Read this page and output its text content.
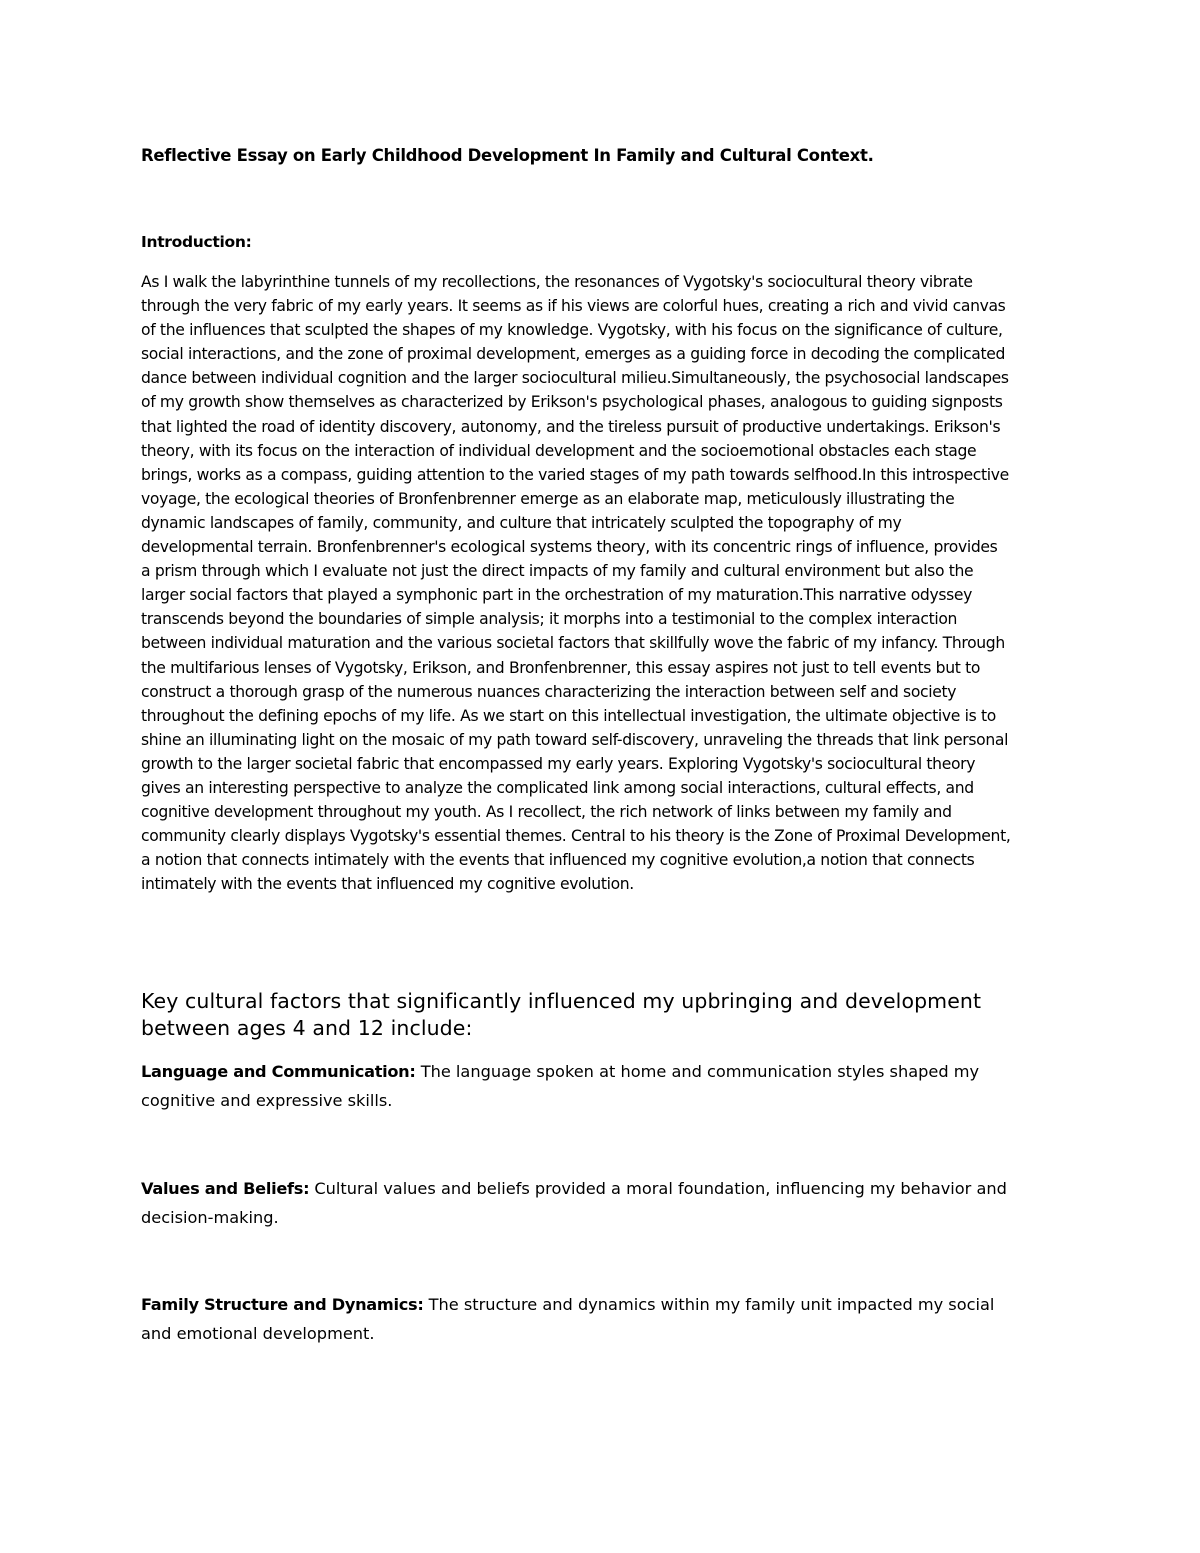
Reflective Essay on Early Childhood Development In Family and Cultural Context.
Introduction:
As I walk the labyrinthine tunnels of my recollections, the resonances of Vygotsky's sociocultural theory vibrate
through the very fabric of my early years. It seems as if his views are colorful hues, creating a rich and vivid canvas
of the influences that sculpted the shapes of my knowledge. Vygotsky, with his focus on the significance of culture,
social interactions, and the zone of proximal development, emerges as a guiding force in decoding the complicated
dance between individual cognition and the larger sociocultural milieu.Simultaneously, the psychosocial landscapes
of my growth show themselves as characterized by Erikson's psychological phases, analogous to guiding signposts
that lighted the road of identity discovery, autonomy, and the tireless pursuit of productive undertakings. Erikson's
theory, with its focus on the interaction of individual development and the socioemotional obstacles each stage
brings, works as a compass, guiding attention to the varied stages of my path towards selfhood.In this introspective
voyage, the ecological theories of Bronfenbrenner emerge as an elaborate map, meticulously illustrating the
dynamic landscapes of family, community, and culture that intricately sculpted the topography of my
developmental terrain. Bronfenbrenner's ecological systems theory, with its concentric rings of influence, provides
a prism through which I evaluate not just the direct impacts of my family and cultural environment but also the
larger social factors that played a symphonic part in the orchestration of my maturation.This narrative odyssey
transcends beyond the boundaries of simple analysis; it morphs into a testimonial to the complex interaction
between individual maturation and the various societal factors that skillfully wove the fabric of my infancy. Through
the multifarious lenses of Vygotsky, Erikson, and Bronfenbrenner, this essay aspires not just to tell events but to
construct a thorough grasp of the numerous nuances characterizing the interaction between self and society
throughout the defining epochs of my life. As we start on this intellectual investigation, the ultimate objective is to
shine an illuminating light on the mosaic of my path toward self-discovery, unraveling the threads that link personal
growth to the larger societal fabric that encompassed my early years. Exploring Vygotsky's sociocultural theory
gives an interesting perspective to analyze the complicated link among social interactions, cultural effects, and
cognitive development throughout my youth. As I recollect, the rich network of links between my family and
community clearly displays Vygotsky's essential themes. Central to his theory is the Zone of Proximal Development,
a notion that connects intimately with the events that influenced my cognitive evolution,a notion that connects
intimately with the events that influenced my cognitive evolution.
Key cultural factors that significantly influenced my upbringing and development
between ages 4 and 12 include:

Language and Communication: The language spoken at home and communication styles shaped my
cognitive and expressive skills.

Values and Beliefs: Cultural values and beliefs provided a moral foundation, influencing my behavior and
decision-making.

Family Structure and Dynamics: The structure and dynamics within my family unit impacted my social
and emotional development.
